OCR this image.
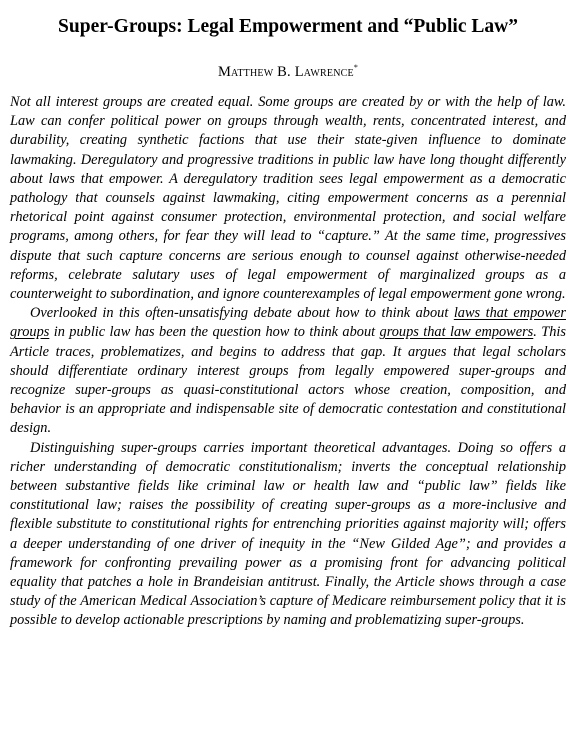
Super-Groups: Legal Empowerment and “Public Law”
Matthew B. Lawrence*

Not all interest groups are created equal. Some groups are created by or with the help of law. Law can confer political power on groups through wealth, rents, concentrated interest, and durability, creating synthetic factions that use their state-given influence to dominate lawmaking. Deregulatory and progressive traditions in public law have long thought differently about laws that empower. A deregulatory tradition sees legal empowerment as a democratic pathology that counsels against lawmaking, citing empowerment concerns as a perennial rhetorical point against consumer protection, environmental protection, and social welfare programs, among others, for fear they will lead to “capture.” At the same time, progressives dispute that such capture concerns are serious enough to counsel against otherwise-needed reforms, celebrate salutary uses of legal empowerment of marginalized groups as a counterweight to subordination, and ignore counterexamples of legal empowerment gone wrong.

Overlooked in this often-unsatisfying debate about how to think about laws that empower groups in public law has been the question how to think about groups that law empowers. This Article traces, problematizes, and begins to address that gap. It argues that legal scholars should differentiate ordinary interest groups from legally empowered super-groups and recognize super-groups as quasi-constitutional actors whose creation, composition, and behavior is an appropriate and indispensable site of democratic contestation and constitutional design.

Distinguishing super-groups carries important theoretical advantages. Doing so offers a richer understanding of democratic constitutionalism; inverts the conceptual relationship between substantive fields like criminal law or health law and “public law” fields like constitutional law; raises the possibility of creating super-groups as a more-inclusive and flexible substitute to constitutional rights for entrenching priorities against majority will; offers a deeper understanding of one driver of inequity in the “New Gilded Age”; and provides a framework for confronting prevailing power as a promising front for advancing political equality that patches a hole in Brandeisian antitrust. Finally, the Article shows through a case study of the American Medical Association’s capture of Medicare reimbursement policy that it is possible to develop actionable prescriptions by naming and problematizing super-groups.
